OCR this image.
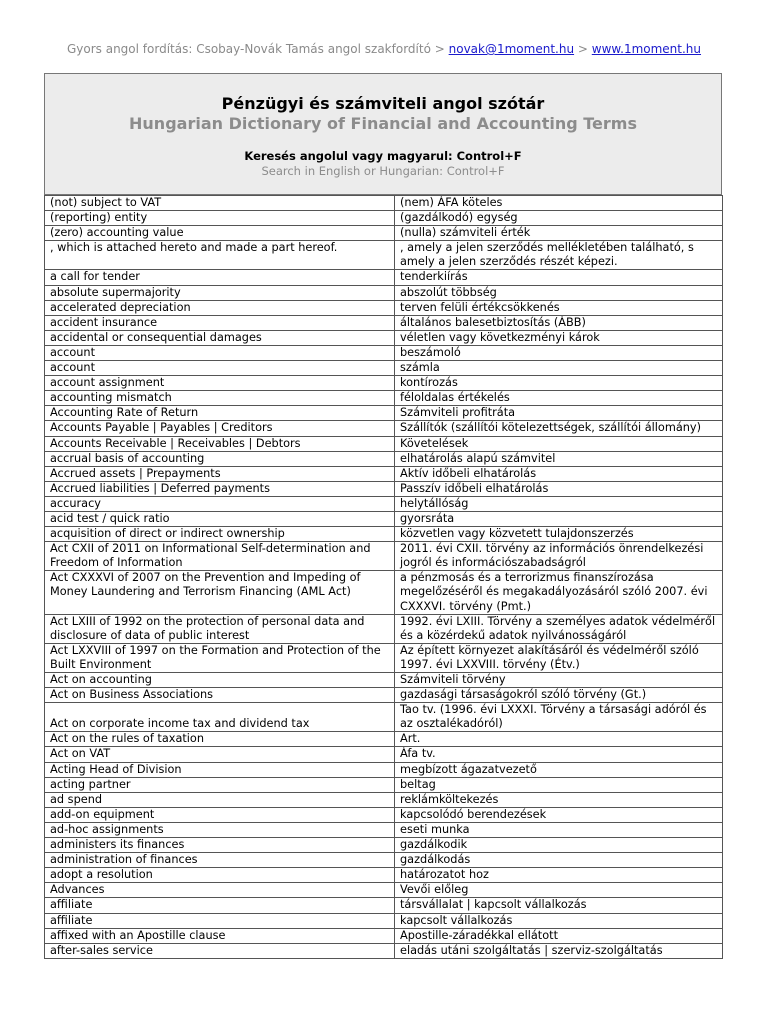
Gyors angol fordítás: Csobay-Novák Tamás angol szakfordító > novak@1moment.hu > www.1moment.hu
Pénzügyi és számviteli angol szótár
Hungarian Dictionary of Financial and Accounting Terms
Keresés angolul vagy magyarul: Control+F
Search in English or Hungarian: Control+F
(not) subject to VAT	(nem) ÁFA köteles
(reporting) entity	(gazdálkodó) egység
(zero) accounting value	(nulla) számviteli érték
, which is attached hereto and made a part hereof.	, amely a jelen szerződés mellékletében található, s amely a jelen szerződés részét képezi.
a call for tender	tenderkiírás
absolute supermajority	abszolút többség
accelerated depreciation	terven felüli értékcsökkenés
accident insurance	általános balesetbiztosítás (ÁBB)
accidental or consequential damages	véletlen vagy következményi károk
account	beszámoló
account	számla
account assignment	kontírozás
accounting mismatch	féloldalas értékelés
Accounting Rate of Return	Számviteli profitráta
Accounts Payable | Payables | Creditors	Szállítók (szállítói kötelezettségek, szállítói állomány)
Accounts Receivable | Receivables | Debtors	Követelések
accrual basis of accounting	elhatárolás alapú számvitel
Accrued assets | Prepayments	Aktív időbeli elhatárolás
Accrued liabilities | Deferred payments	Passzív időbeli elhatárolás
accuracy	helytállóság
acid test / quick ratio	gyorsráta
acquisition of direct or indirect ownership	közvetlen vagy közvetett tulajdonszerzés
Act CXII of 2011 on Informational Self-determination and Freedom of Information	2011. évi CXII. törvény az információs önrendelkezési jogról és információszabadságról
Act CXXXVI of 2007 on the Prevention and Impeding of Money Laundering and Terrorism Financing (AML Act)	a pénzmosás és a terrorizmus finanszírozása megelőzéséről és megakadályozásáról szóló 2007. évi CXXXVI. törvény (Pmt.)
Act LXIII of 1992 on the protection of personal data and disclosure of data of public interest	1992. évi LXIII. Törvény a személyes adatok védelméről és a közérdekű adatok nyilvánosságáról
Act LXXVIII of 1997 on the Formation and Protection of the Built Environment	Az épített környezet alakításáról és védelméről szóló 1997. évi LXXVIII. törvény (Étv.)
Act on accounting	Számviteli törvény
Act on Business Associations	gazdasági társaságokról szóló törvény (Gt.)
Act on corporate income tax and dividend tax	Tao tv. (1996. évi LXXXI. Törvény a társasági adóról és az osztalékadóról)
Act on the rules of taxation	Art.
Act on VAT	Áfa tv.
Acting Head of Division	megbízott ágazatvezető
acting partner	beltag
ad spend	reklámköltekezés
add-on equipment	kapcsolódó berendezések
ad-hoc assignments	eseti munka
administers its finances	gazdálkodik
administration of finances	gazdálkodás
adopt a resolution	határozatot hoz
Advances	Vevői előleg
affiliate	társvállalat | kapcsolt vállalkozás
affiliate	kapcsolt vállalkozás
affixed with an Apostille clause	Apostille-záradékkal ellátott
after-sales service	eladás utáni szolgáltatás | szerviz-szolgáltatás
